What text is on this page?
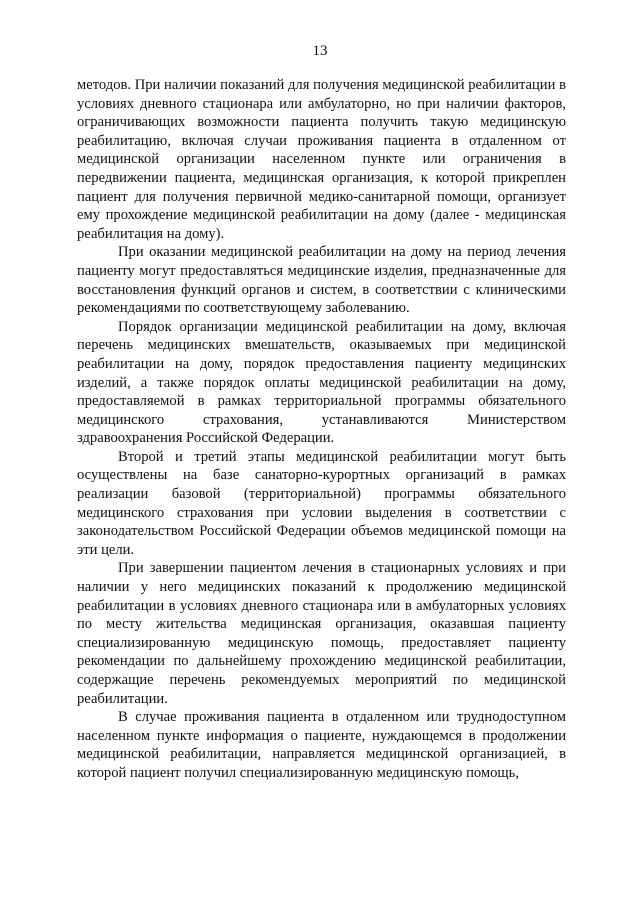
13

методов. При наличии показаний для получения медицинской реабилитации в условиях дневного стационара или амбулаторно, но при наличии факторов, ограничивающих возможности пациента получить такую медицинскую реабилитацию, включая случаи проживания пациента в отдаленном от медицинской организации населенном пункте или ограничения в передвижении пациента, медицинская организация, к которой прикреплен пациент для получения первичной медико-санитарной помощи, организует ему прохождение медицинской реабилитации на дому (далее - медицинская реабилитация на дому).

При оказании медицинской реабилитации на дому на период лечения пациенту могут предоставляться медицинские изделия, предназначенные для восстановления функций органов и систем, в соответствии с клиническими рекомендациями по соответствующему заболеванию.

Порядок организации медицинской реабилитации на дому, включая перечень медицинских вмешательств, оказываемых при медицинской реабилитации на дому, порядок предоставления пациенту медицинских изделий, а также порядок оплаты медицинской реабилитации на дому, предоставляемой в рамках территориальной программы обязательного медицинского страхования, устанавливаются Министерством здравоохранения Российской Федерации.

Второй и третий этапы медицинской реабилитации могут быть осуществлены на базе санаторно-курортных организаций в рамках реализации базовой (территориальной) программы обязательного медицинского страхования при условии выделения в соответствии с законодательством Российской Федерации объемов медицинской помощи на эти цели.

При завершении пациентом лечения в стационарных условиях и при наличии у него медицинских показаний к продолжению медицинской реабилитации в условиях дневного стационара или в амбулаторных условиях по месту жительства медицинская организация, оказавшая пациенту специализированную медицинскую помощь, предоставляет пациенту рекомендации по дальнейшему прохождению медицинской реабилитации, содержащие перечень рекомендуемых мероприятий по медицинской реабилитации.

В случае проживания пациента в отдаленном или труднодоступном населенном пункте информация о пациенте, нуждающемся в продолжении медицинской реабилитации, направляется медицинской организацией, в которой пациент получил специализированную медицинскую помощь,
